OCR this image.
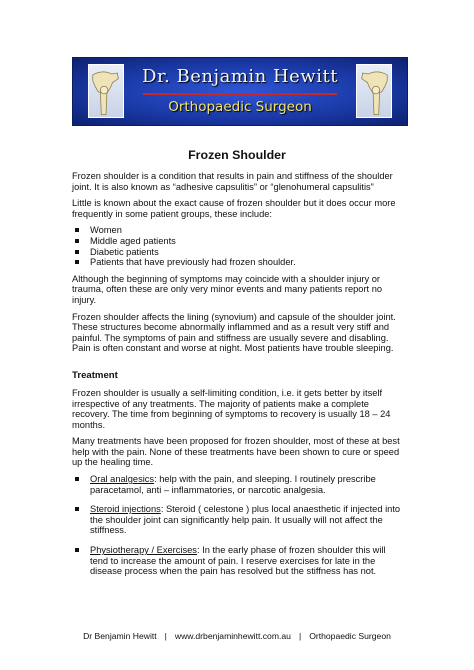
Dr. Benjamin Hewitt
Orthopaedic Surgeon
Frozen Shoulder

Frozen shoulder is a condition that results in pain and stiffness of the shoulder joint. It is also known as “adhesive capsulitis” or “glenohumeral capsulitis”

Little is known about the exact cause of frozen shoulder but it does occur more frequently in some patient groups, these include:

Women
Middle aged patients
Diabetic patients
Patients that have previously had frozen shoulder.

Although the beginning of symptoms may coincide with a shoulder injury or trauma, often these are only very minor events and many patients report no injury.

Frozen shoulder affects the lining (synovium) and capsule of the shoulder joint. These structures become abnormally inflammed and as a result very stiff and painful. The symptoms of pain and stiffness are usually severe and disabling. Pain is often constant and worse at night. Most patients have trouble sleeping.

Treatment

Frozen shoulder is usually a self-limiting condition, i.e. it gets better by itself irrespective of any treatments. The majority of patients make a complete recovery. The time from beginning of symptoms to recovery is usually 18 – 24 months.

Many treatments have been proposed for frozen shoulder, most of these at best help with the pain. None of these treatments have been shown to cure or speed up the healing time.

Oral analgesics: help with the pain, and sleeping. I routinely prescribe paracetamol, anti – inflammatories, or narcotic analgesia.
Steroid injections: Steroid ( celestone ) plus local anaesthetic if injected into the shoulder joint can significantly help pain. It usually will not affect the stiffness.
Physiotherapy / Exercises: In the early phase of frozen shoulder this will tend to increase the amount of pain. I reserve exercises for late in the disease process when the pain has resolved but the stiffness has not.
Dr Benjamin Hewitt | www.drbenjaminhewitt.com.au | Orthopaedic Surgeon
